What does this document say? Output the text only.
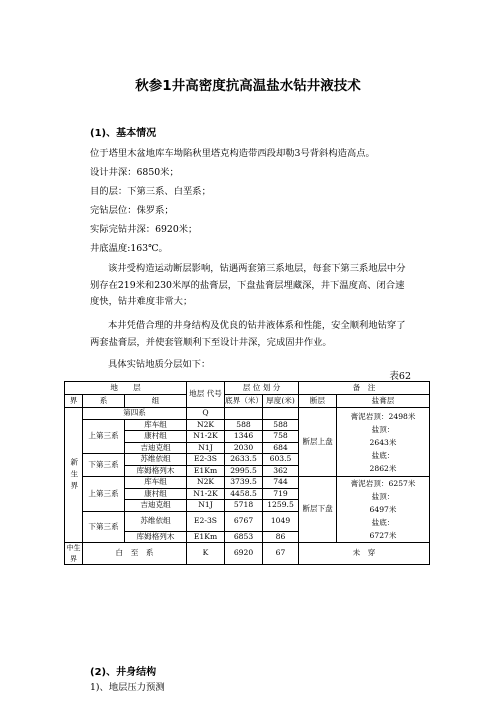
秋参1井高密度抗高温盐水钻井液技术
(1)、基本情况
位于塔里木盆地库车坳陷秋里塔克构造带西段却勒3号背斜构造高点。
设计井深：6850米；
目的层：下第三系、白垩系；
完钻层位：侏罗系；
实际完钻井深：6920米；
井底温度:163℃。
该井受构造运动断层影响，钻遇两套第三系地层，每套下第三系地层中分别存在219米和230米厚的盐膏层，下盘盐膏层埋藏深，井下温度高、闭合速度快，钻井难度非常大；
本井凭借合理的井身结构及优良的钻井液体系和性能，安全顺利地钻穿了两套盐膏层，并使套管顺利下至设计井深，完成固井作业。
具体实钻地质分层如下：
表62
地　　层			地层 代号	层 位 划 分		备　注	
界	系	组		底界（米）	厚度(米)	断层	盐膏层
新生界	第四系		Q			断层上盘	膏泥岩顶：2498米
盐顶：
2643米
盐底：
2862米
	上第三系	库车组	N2K	588	588		
		康村组	N1-2K	1346	758		
		吉迪克组	N1J	2030	684		
	下第三系	苏维依组	E2-3S	2633.5	603.5		
		库姆格列木	E1Km	2995.5	362		
	上第三系	库车组	N2K	3739.5	744	断层下盘	膏泥岩顶：6257米
盐顶：
6497米
盐底：
6727米
		康村组	N1-2K	4458.5	719		
		吉迪克组	N1J	5718	1259.5		
	下第三系	苏维依组	E2-3S	6767	1049		
		库姆格列木	E1Km	6853	86		
中生界	白　至　系		K	6920	67	未　穿	
(2)、井身结构
1)、地层压力预测
